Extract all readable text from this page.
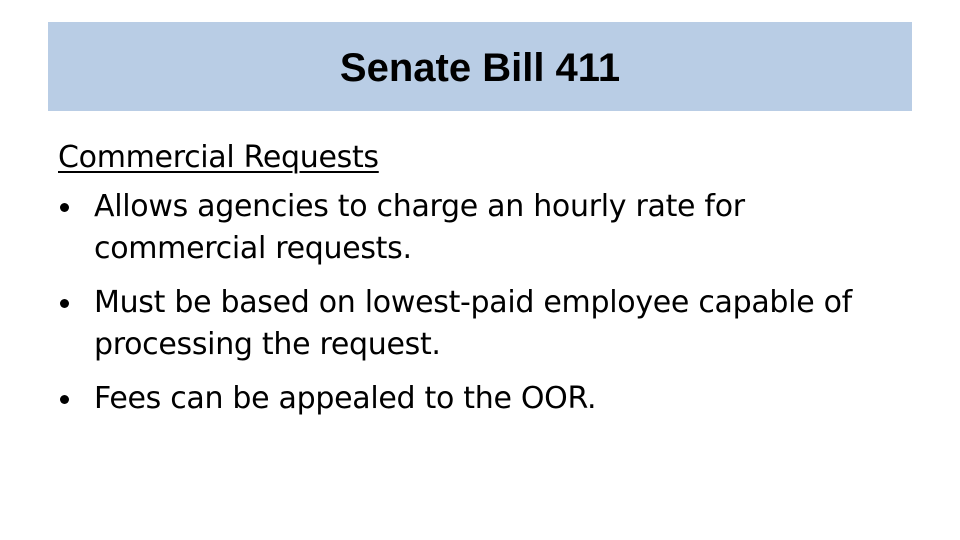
Senate Bill 411
Commercial Requests
Allows agencies to charge an hourly rate for commercial requests.
Must be based on lowest-paid employee capable of processing the request.
Fees can be appealed to the OOR.
